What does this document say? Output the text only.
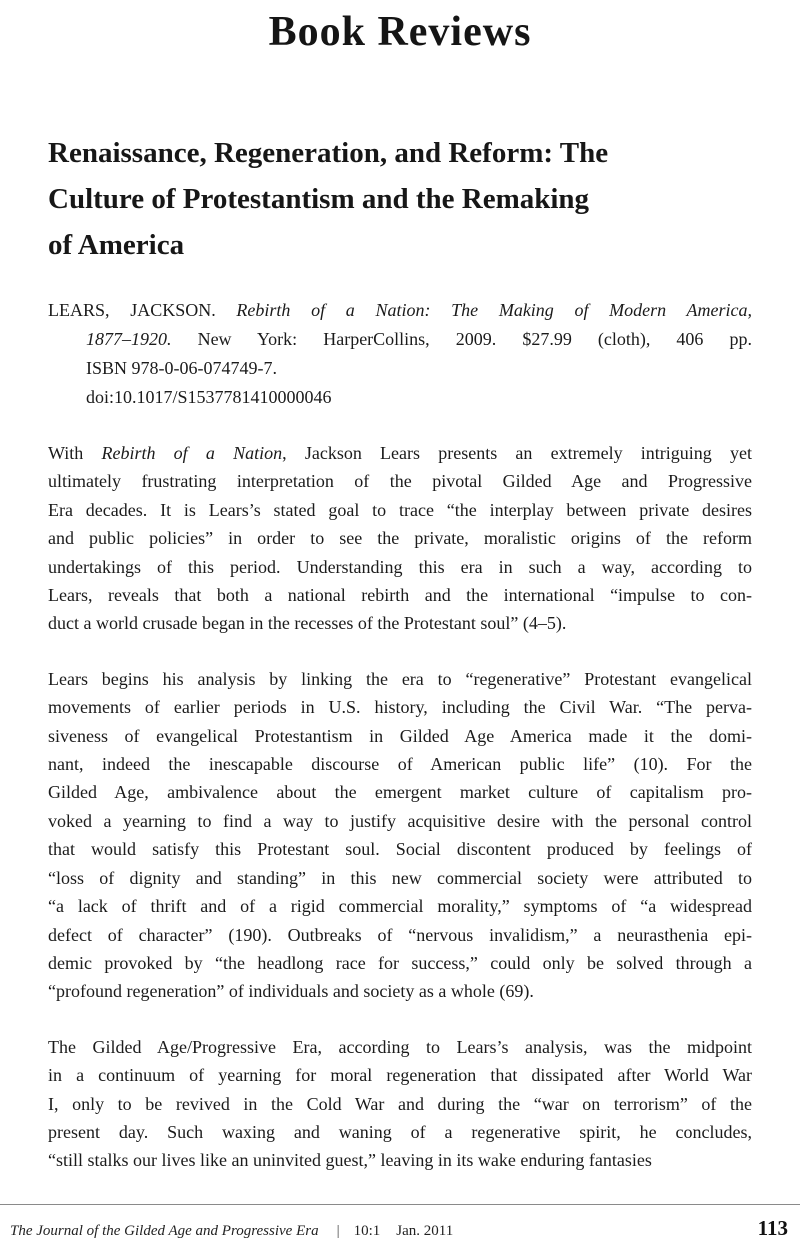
Book Reviews
Renaissance, Regeneration, and Reform: The
Culture of Protestantism and the Remaking
of America
LEARS, JACKSON. Rebirth of a Nation: The Making of Modern America,
1877–1920. New York: HarperCollins, 2009. $27.99 (cloth), 406 pp.
ISBN 978-0-06-074749-7.
doi:10.1017/S1537781410000046
With Rebirth of a Nation, Jackson Lears presents an extremely intriguing yet
ultimately frustrating interpretation of the pivotal Gilded Age and Progressive
Era decades. It is Lears’s stated goal to trace “the interplay between private desires
and public policies” in order to see the private, moralistic origins of the reform
undertakings of this period. Understanding this era in such a way, according to
Lears, reveals that both a national rebirth and the international “impulse to con-
duct a world crusade began in the recesses of the Protestant soul” (4–5).
Lears begins his analysis by linking the era to “regenerative” Protestant evangelical
movements of earlier periods in U.S. history, including the Civil War. “The perva-
siveness of evangelical Protestantism in Gilded Age America made it the domi-
nant, indeed the inescapable discourse of American public life” (10). For the
Gilded Age, ambivalence about the emergent market culture of capitalism pro-
voked a yearning to find a way to justify acquisitive desire with the personal control
that would satisfy this Protestant soul. Social discontent produced by feelings of
“loss of dignity and standing” in this new commercial society were attributed to
“a lack of thrift and of a rigid commercial morality,” symptoms of “a widespread
defect of character” (190). Outbreaks of “nervous invalidism,” a neurasthenia epi-
demic provoked by “the headlong race for success,” could only be solved through a
“profound regeneration” of individuals and society as a whole (69).
The Gilded Age/Progressive Era, according to Lears’s analysis, was the midpoint
in a continuum of yearning for moral regeneration that dissipated after World War
I, only to be revived in the Cold War and during the “war on terrorism” of the
present day. Such waxing and waning of a regenerative spirit, he concludes,
“still stalks our lives like an uninvited guest,” leaving in its wake enduring fantasies
The Journal of the Gilded Age and Progressive Era | 10:1 Jan. 2011	113
